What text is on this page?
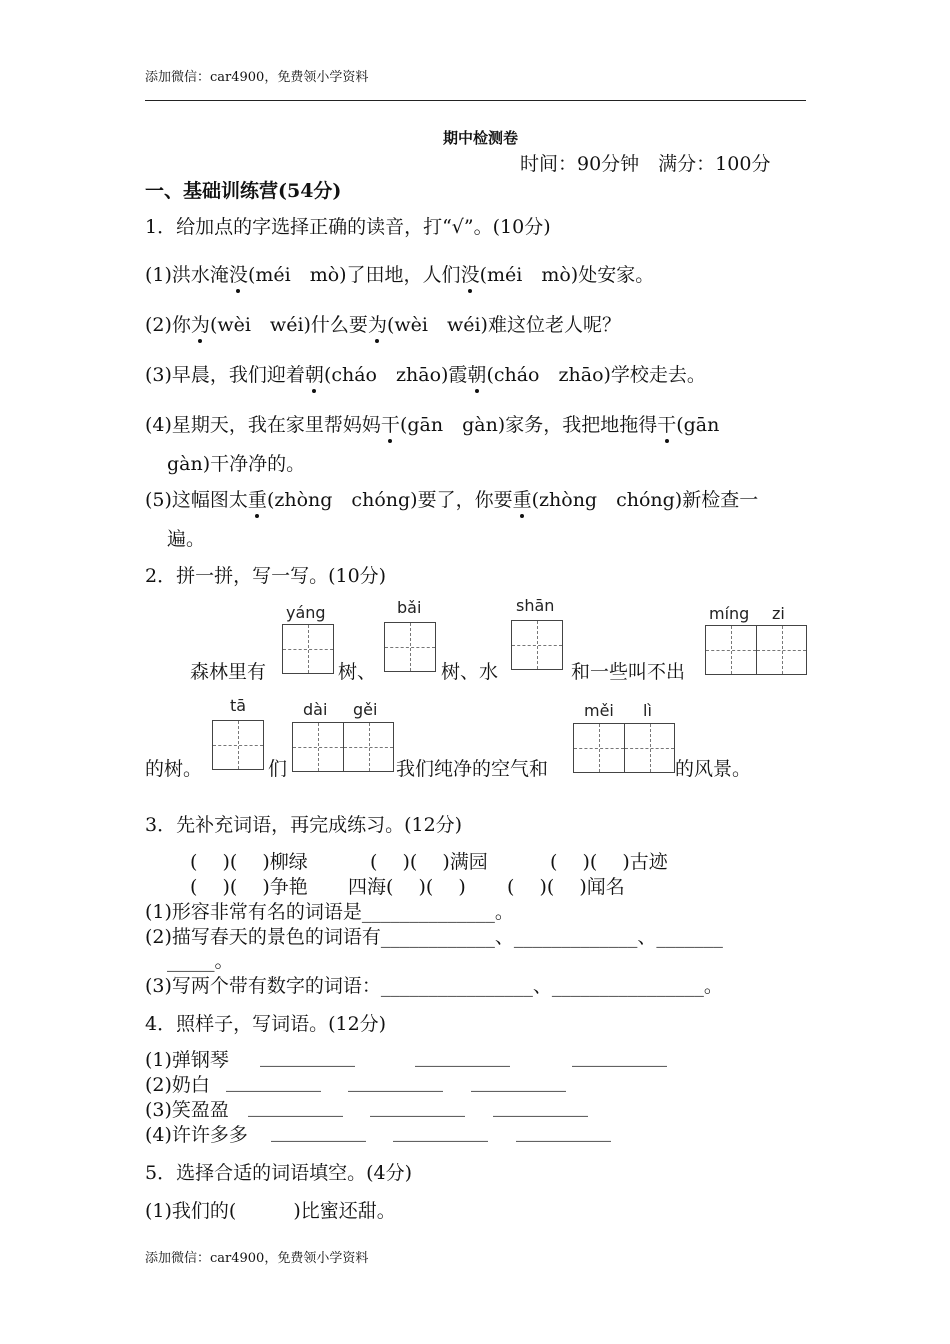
添加微信：car4900，免费领小学资料
期中检测卷
时间：90分钟　满分：100分
一、基础训练营(54分)
1．给加点的字选择正确的读音，打“√”。(10分)
(1)洪水淹没(méi　mò)了田地，人们没(méi　mò)处安家。
(2)你为(wèi　wéi)什么要为(wèi　wéi)难这位老人呢？
(3)早晨，我们迎着朝(cháo　zhāo)霞朝(cháo　zhāo)学校走去。
(4)星期天，我在家里帮妈妈干(gān　gàn)家务，我把地拖得干(gān
gàn)干净净的。
(5)这幅图太重(zhòng　chóng)要了，你要重(zhòng　chóng)新检查一
遍。
2．拼一拼，写一写。(10分)
森林里有
yáng
树、
bǎi
树、水
shān
和一些叫不出
míng zi
的树。
tā
们
dài gěi
我们纯净的空气和
měi lì
的风景。
3．先补充词语，再完成练习。(12分)
(　 )(　 )柳绿	(　 )(　 )满园	(　 )(　 )古迹
(　 )(　 )争艳 四海(　 )(　 ) (　 )(　 )闻名
(1)形容非常有名的词语是______________。
(2)描写春天的景色的词语有____________、_____________、_______
_____。
(3)写两个带有数字的词语：________________、________________。
4．照样子，写词语。(12分)
(1)弹钢琴 __________	__________	__________
(2)奶白 __________ __________ __________
(3)笑盈盈 __________ __________ __________
(4)许许多多 __________ __________ __________
5．选择合适的词语填空。(4分)
(1)我们的(　　　)比蜜还甜。
添加微信：car4900，免费领小学资料
